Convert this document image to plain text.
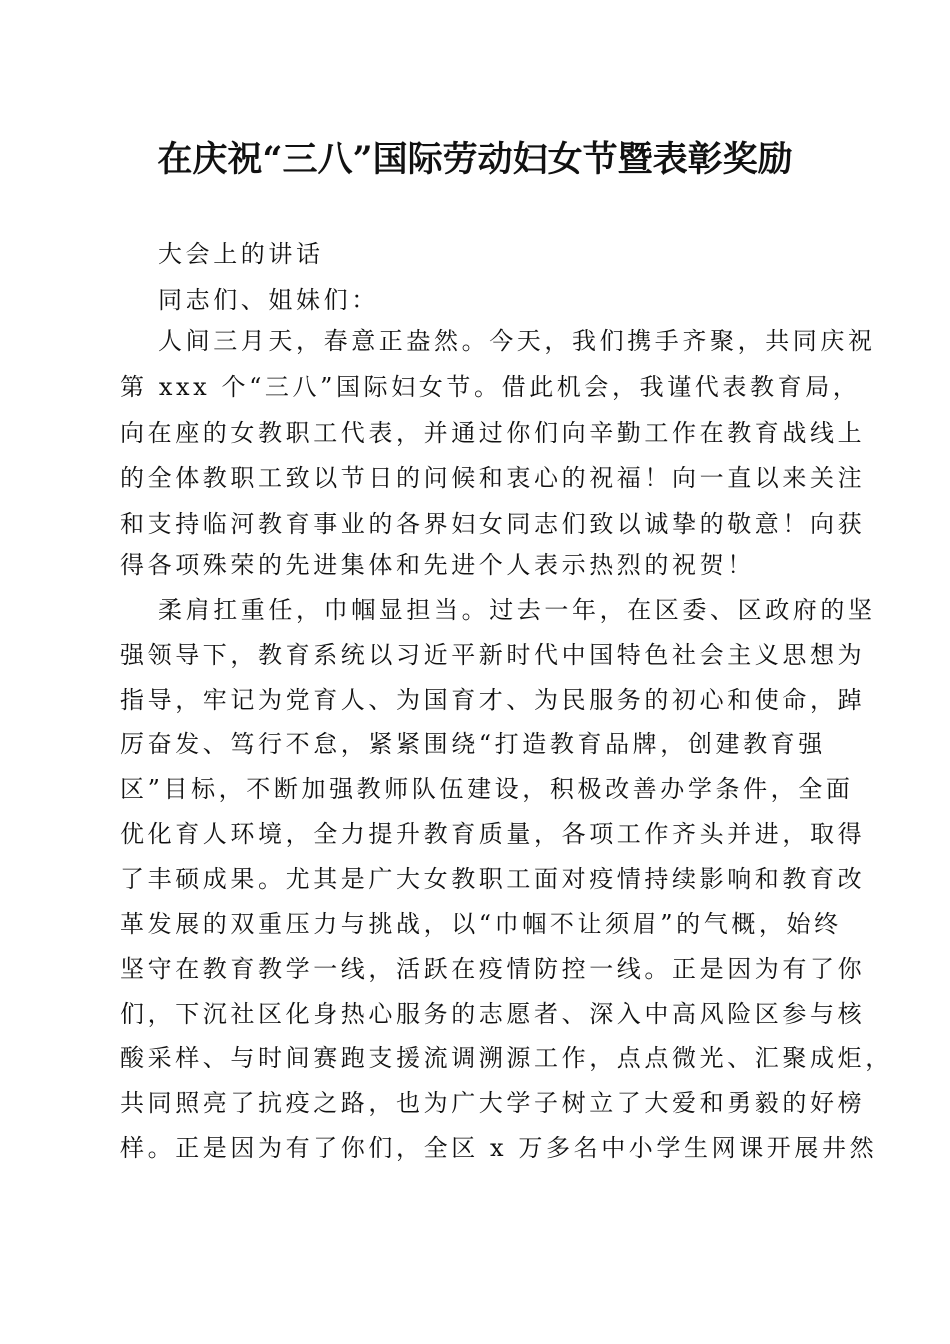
在庆祝“三八”国际劳动妇女节暨表彰奖励
大会上的讲话
同志们、姐妹们：
人间三月天，春意正盎然。今天，我们携手齐聚，共同庆祝
第 xxx 个“三八”国际妇女节。借此机会，我谨代表教育局，
向在座的女教职工代表，并通过你们向辛勤工作在教育战线上
的全体教职工致以节日的问候和衷心的祝福！向一直以来关注
和支持临河教育事业的各界妇女同志们致以诚挚的敬意！向获
得各项殊荣的先进集体和先进个人表示热烈的祝贺！
柔肩扛重任，巾帼显担当。过去一年，在区委、区政府的坚
强领导下，教育系统以习近平新时代中国特色社会主义思想为
指导，牢记为党育人、为国育才、为民服务的初心和使命，踔
厉奋发、笃行不怠，紧紧围绕“打造教育品牌，创建教育强
区”目标，不断加强教师队伍建设，积极改善办学条件，全面
优化育人环境，全力提升教育质量，各项工作齐头并进，取得
了丰硕成果。尤其是广大女教职工面对疫情持续影响和教育改
革发展的双重压力与挑战，以“巾帼不让须眉”的气概，始终
坚守在教育教学一线，活跃在疫情防控一线。正是因为有了你
们，下沉社区化身热心服务的志愿者、深入中高风险区参与核
酸采样、与时间赛跑支援流调溯源工作，点点微光、汇聚成炬，
共同照亮了抗疫之路，也为广大学子树立了大爱和勇毅的好榜
样。正是因为有了你们，全区 x 万多名中小学生网课开展井然
